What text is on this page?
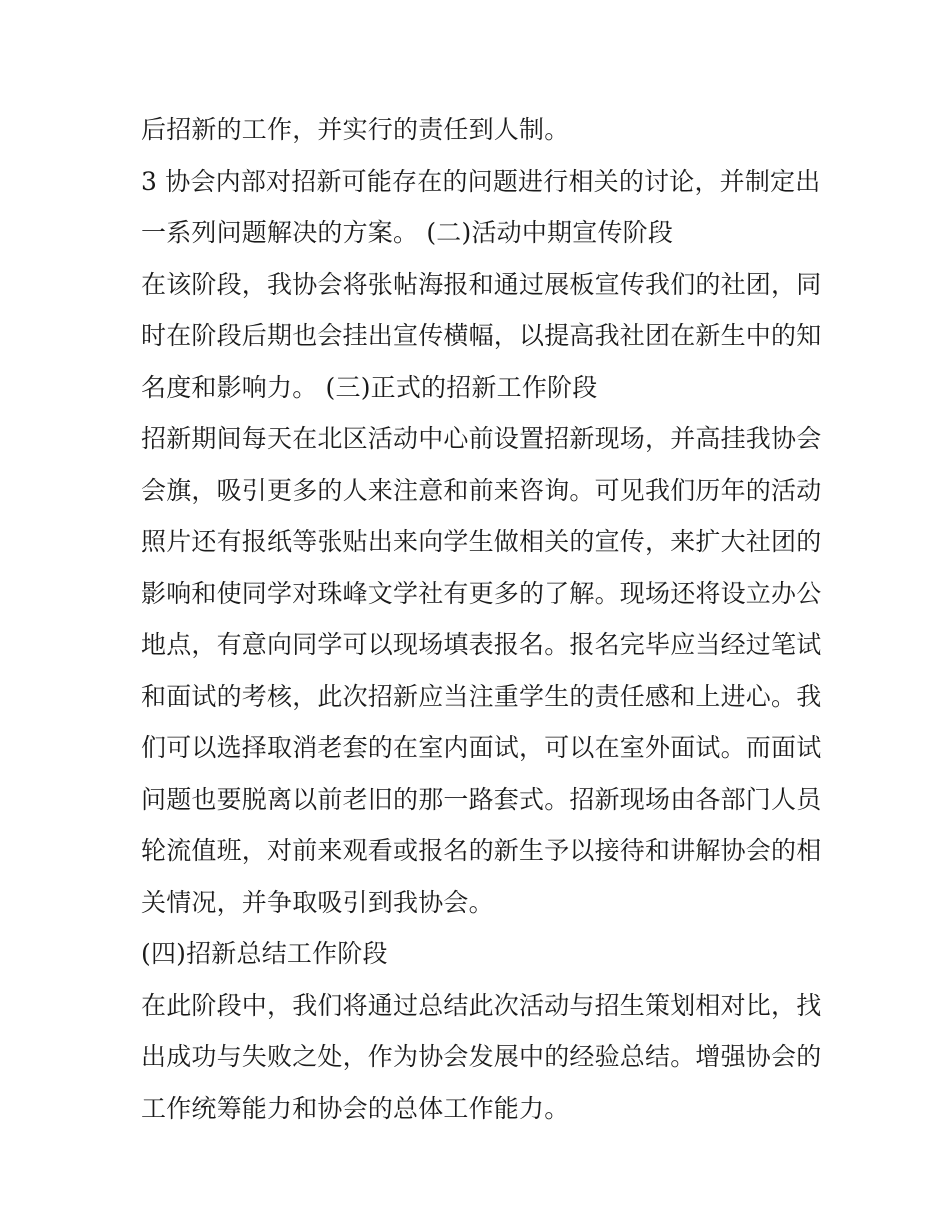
后招新的工作，并实行的责任到人制。
3 协会内部对招新可能存在的问题进行相关的讨论，并制定出
一系列问题解决的方案。 (二)活动中期宣传阶段
在该阶段，我协会将张帖海报和通过展板宣传我们的社团，同
时在阶段后期也会挂出宣传横幅，以提高我社团在新生中的知
名度和影响力。 (三)正式的招新工作阶段
招新期间每天在北区活动中心前设置招新现场，并高挂我协会
会旗，吸引更多的人来注意和前来咨询。可见我们历年的活动
照片还有报纸等张贴出来向学生做相关的宣传，来扩大社团的
影响和使同学对珠峰文学社有更多的了解。现场还将设立办公
地点，有意向同学可以现场填表报名。报名完毕应当经过笔试
和面试的考核，此次招新应当注重学生的责任感和上进心。我
们可以选择取消老套的在室内面试，可以在室外面试。而面试
问题也要脱离以前老旧的那一路套式。招新现场由各部门人员
轮流值班，对前来观看或报名的新生予以接待和讲解协会的相
关情况，并争取吸引到我协会。
(四)招新总结工作阶段
在此阶段中，我们将通过总结此次活动与招生策划相对比，找
出成功与失败之处，作为协会发展中的经验总结。增强协会的
工作统筹能力和协会的总体工作能力。
